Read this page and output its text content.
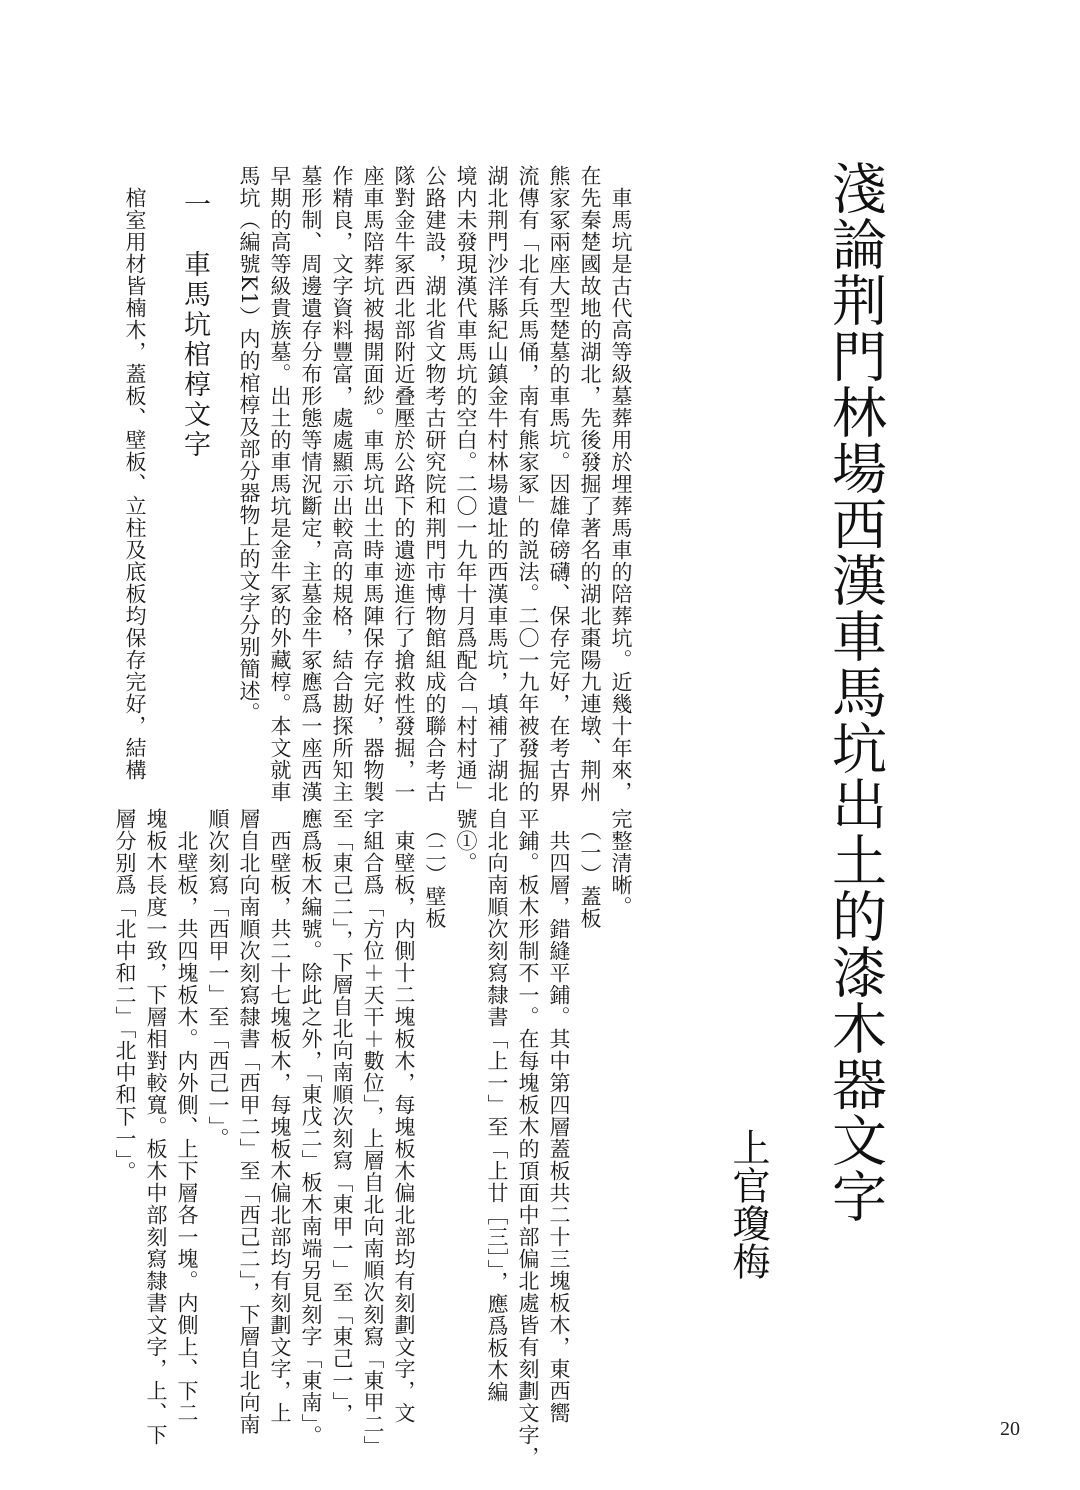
淺論荆門林場西漢車馬坑出土的漆木器文字
上官瓊梅
　車馬坑是古代高等級墓葬用於埋葬馬車的陪葬坑。近幾十年來，
在先秦楚國故地的湖北，先後發掘了著名的湖北棗陽九連墩、荆州
熊家冢兩座大型楚墓的車馬坑。因雄偉磅礴、保存完好，在考古界
流傳有「北有兵馬俑，南有熊家冢」的説法。二〇一九年被發掘的
湖北荆門沙洋縣紀山鎮金牛村林場遺址的西漢車馬坑，填補了湖北
境内未發現漢代車馬坑的空白。二〇一九年十月爲配合「村村通」
公路建設，湖北省文物考古研究院和荆門市博物館組成的聯合考古
隊對金牛冢西北部附近叠壓於公路下的遺迹進行了搶救性發掘，一
座車馬陪葬坑被揭開面紗。車馬坑出土時車馬陣保存完好，器物製
作精良，文字資料豐富，處處顯示出較高的規格，結合勘探所知主
墓形制、周邊遺存分布形態等情況斷定，主墓金牛冢應爲一座西漢
早期的高等級貴族墓。出土的車馬坑是金牛冢的外藏椁。本文就車
馬坑（編號K1）内的棺椁及部分器物上的文字分别簡述。
一　車馬坑棺椁文字
　棺室用材皆楠木，蓋板、壁板、立柱及底板均保存完好，結構
完整清晰。
　（一）蓋板
　共四層，錯縫平鋪。其中第四層蓋板共二十三塊板木，東西嚮
平鋪。板木形制不一。在每塊板木的頂面中部偏北處皆有刻劃文字，
自北向南順次刻寫隸書「上一」至「上廿［三］」，應爲板木編
號①。
　（二）壁板
　東壁板，内側十二塊板木，每塊板木偏北部均有刻劃文字，文
字組合爲「方位＋天干＋數位」，上層自北向南順次刻寫「東甲二」
至「東己二」，下層自北向南順次刻寫「東甲一」至「東己一」，
應爲板木編號。除此之外，「東戊二」板木南端另見刻字「東南」。
　西壁板，共二十七塊板木，每塊板木偏北部均有刻劃文字，上
層自北向南順次刻寫隸書「西甲二」至「西己二」，下層自北向南
順次刻寫「西甲一」至「西己一」。
　北壁板，共四塊板木。内外側、上下層各一塊。内側上、下二
塊板木長度一致，下層相對較寬。板木中部刻寫隸書文字，上、下
層分别爲「北中和二」「北中和下一」。
20
